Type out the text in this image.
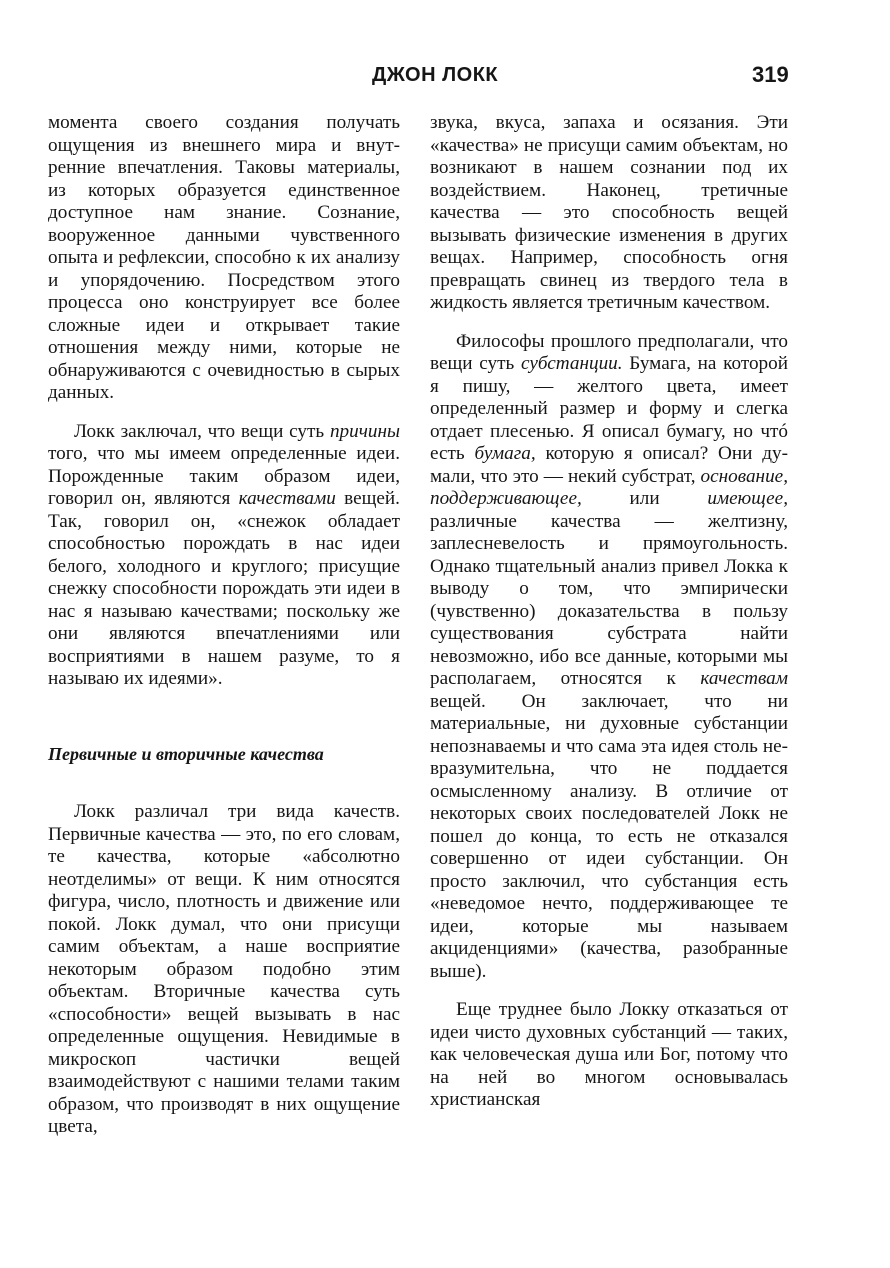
ДЖОН ЛОКК	319

момента своего создания получать ощущения из внешнего мира и внутренние впечатления. Таковы материалы, из которых образуется единственное доступное нам знание. Сознание, вооруженное данными чувственного опыта и рефлексии, способно к их анализу и упорядочению. Посредством этого процесса оно конструирует все более сложные идеи и открывает такие отношения между ними, которые не обнаруживаются с очевидностью в сырых данных.

Локк заключал, что вещи суть причины того, что мы имеем определенные идеи. Порожденные таким образом идеи, говорил он, являются качествами вещей. Так, говорил он, «снежок обладает способностью порождать в нас идеи белого, холодного и круглого; присущие снежку способности порождать эти идеи в нас я называю качествами; поскольку же они являются впечатлениями или восприятиями в нашем разуме, то я называю их идеями».

Первичные и вторичные качества

Локк различал три вида качеств. Первичные качества — это, по его словам, те качества, которые «абсолютно неотделимы» от вещи. К ним относятся фигура, число, плотность и движение или покой. Локк думал, что они присущи самим объектам, а наше восприятие некоторым образом подобно этим объектам. Вторичные качества суть «способности» вещей вызывать в нас определенные ощущения. Невидимые в микроскоп частички вещей взаимодействуют с нашими телами таким образом, что производят в них ощущение цвета,

звука, вкуса, запаха и осязания. Эти «качества» не присущи самим объектам, но возникают в нашем сознании под их воздействием. Наконец, третичные качества — это способность вещей вызывать физические изменения в других вещах. Например, способность огня превращать свинец из твердого тела в жидкость является третичным качеством.

Философы прошлого предполагали, что вещи суть субстанции. Бумага, на которой я пишу, — желтого цвета, имеет определенный размер и форму и слегка отдает плесенью. Я описал бумагу, но чтó есть бумага, которую я описал? Они думали, что это — некий субстрат, основание, поддерживающее, или имеющее, различные качества — желтизну, заплесневелость и прямоугольность. Однако тщательный анализ привел Локка к выводу о том, что эмпирически (чувственно) доказательства в пользу существования субстрата найти невозможно, ибо все данные, которыми мы располагаем, относятся к качествам вещей. Он заключает, что ни материальные, ни духовные субстанции непознаваемы и что сама эта идея столь невразумительна, что не поддается осмысленному анализу. В отличие от некоторых своих последователей Локк не пошел до конца, то есть не отказался совершенно от идеи субстанции. Он просто заключил, что субстанция есть «неведомое нечто, поддерживающее те идеи, которые мы называем акциденциями» (качества, разобранные выше).

Еще труднее было Локку отказаться от идеи чисто духовных субстанций — таких, как человеческая душа или Бог, потому что на ней во многом основывалась христианская
